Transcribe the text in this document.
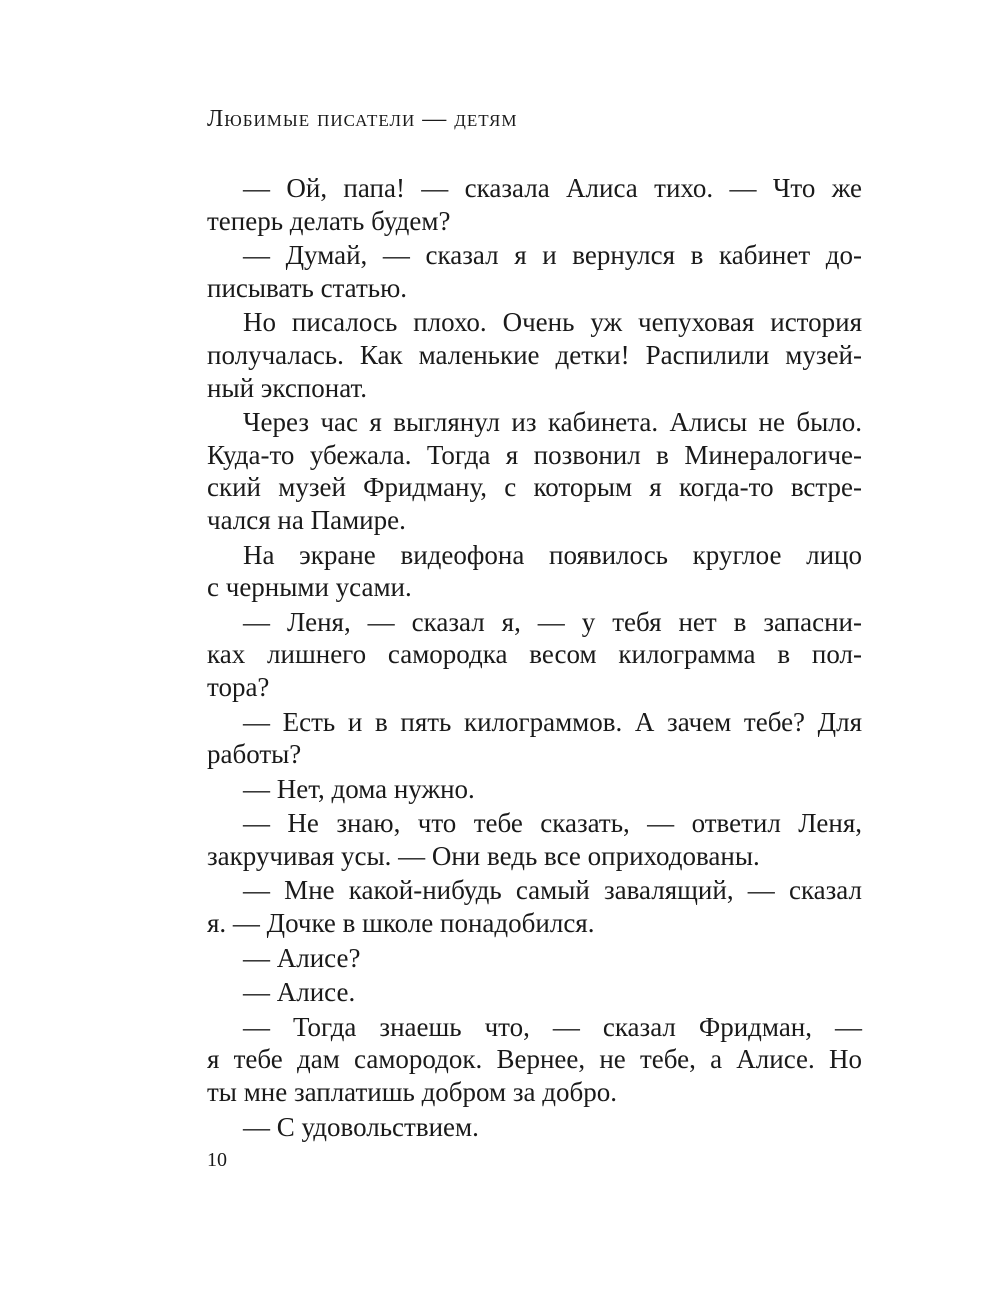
Любимые писатели — детям
— Ой, папа! — сказала Алиса тихо. — Что же
теперь делать будем?
— Думай, — сказал я и вернулся в кабинет до-
писывать статью.
Но писалось плохо. Очень уж чепуховая история
получалась. Как маленькие детки! Распилили музей-
ный экспонат.
Через час я выглянул из кабинета. Алисы не было.
Куда-то убежала. Тогда я позвонил в Минералогиче-
ский музей Фридману, с которым я когда-то встре-
чался на Памире.
На экране видеофона появилось круглое лицо
с черными усами.
— Леня, — сказал я, — у тебя нет в запасни-
ках лишнего самородка весом килограмма в пол-
тора?
— Есть и в пять килограммов. А зачем тебе? Для
работы?
— Нет, дома нужно.
— Не знаю, что тебе сказать, — ответил Леня,
закручивая усы. — Они ведь все оприходованы.
— Мне какой-нибудь самый завалящий, — сказал
я. — Дочке в школе понадобился.
— Алисе?
— Алисе.
— Тогда знаешь что, — сказал Фридман, —
я тебе дам самородок. Вернее, не тебе, а Алисе. Но
ты мне заплатишь добром за добро.
— С удовольствием.
10
